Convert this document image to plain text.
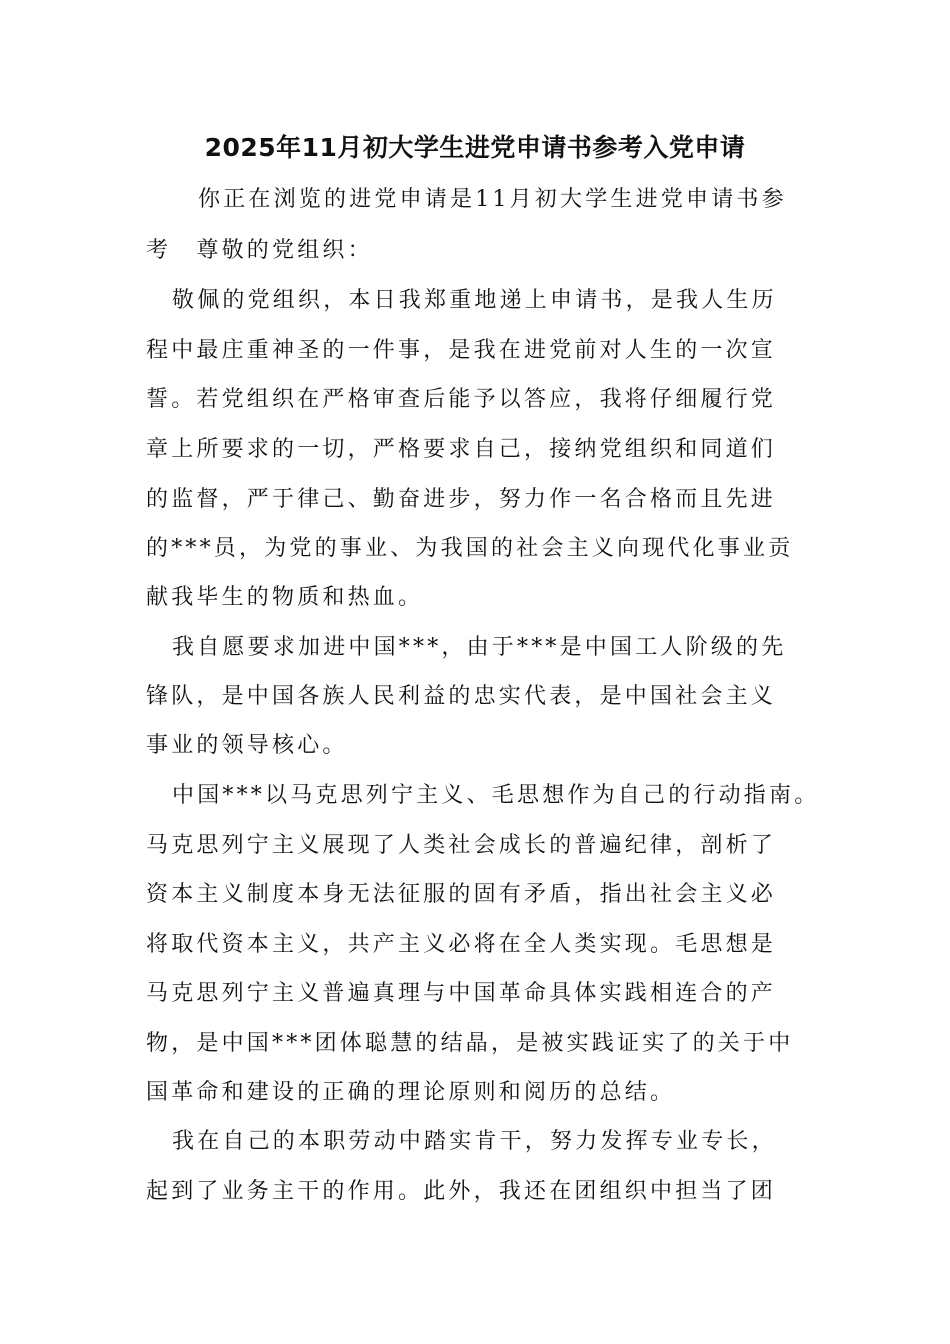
2025年11月初大学生进党申请书参考入党申请
你正在浏览的进党申请是11月初大学生进党申请书参
考　尊敬的党组织：
敬佩的党组织，本日我郑重地递上申请书，是我人生历
程中最庄重神圣的一件事，是我在进党前对人生的一次宣
誓。若党组织在严格审查后能予以答应，我将仔细履行党
章上所要求的一切，严格要求自己，接纳党组织和同道们
的监督，严于律己、勤奋进步，努力作一名合格而且先进
的***员，为党的事业、为我国的社会主义向现代化事业贡
献我毕生的物质和热血。
我自愿要求加进中国***，由于***是中国工人阶级的先
锋队，是中国各族人民利益的忠实代表，是中国社会主义
事业的领导核心。
中国***以马克思列宁主义、毛思想作为自己的行动指南。
马克思列宁主义展现了人类社会成长的普遍纪律，剖析了
资本主义制度本身无法征服的固有矛盾，指出社会主义必
将取代资本主义，共产主义必将在全人类实现。毛思想是
马克思列宁主义普遍真理与中国革命具体实践相连合的产
物，是中国***团体聪慧的结晶，是被实践证实了的关于中
国革命和建设的正确的理论原则和阅历的总结。
我在自己的本职劳动中踏实肯干，努力发挥专业专长，
起到了业务主干的作用。此外，我还在团组织中担当了团
